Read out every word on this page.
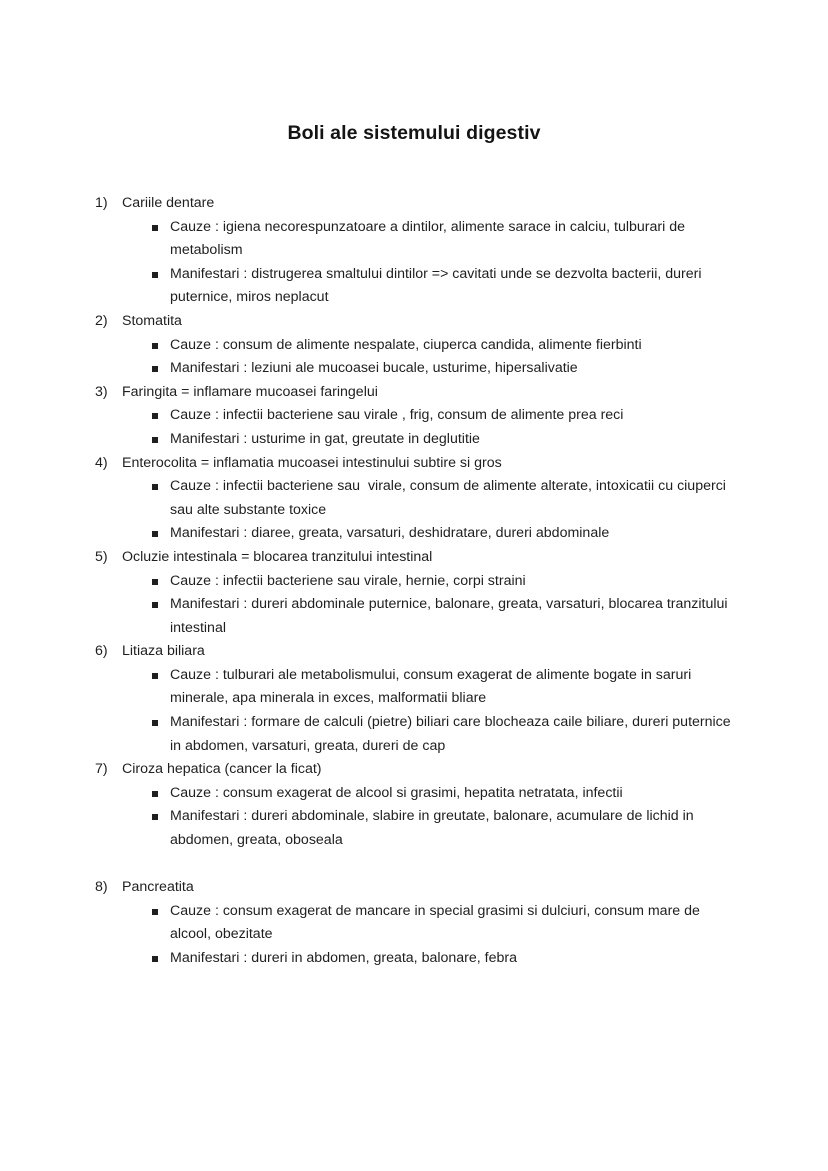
Boli ale sistemului digestiv
1)	Cariile dentare
Cauze : igiena necorespunzatoare a dintilor, alimente sarace in calciu, tulburari de metabolism
Manifestari : distrugerea smaltului dintilor => cavitati unde se dezvolta bacterii, dureri puternice, miros neplacut
2)	Stomatita
Cauze : consum de alimente nespalate, ciuperca candida, alimente fierbinti
Manifestari : leziuni ale mucoasei bucale, usturime, hipersalivatie
3)	Faringita = inflamare mucoasei faringelui
Cauze : infectii bacteriene sau virale , frig, consum de alimente prea reci
Manifestari : usturime in gat, greutate in deglutitie
4)	Enterocolita = inflamatia mucoasei intestinului subtire si gros
Cauze : infectii bacteriene sau  virale, consum de alimente alterate, intoxicatii cu ciuperci sau alte substante toxice
Manifestari : diaree, greata, varsaturi, deshidratare, dureri abdominale
5)	Ocluzie intestinala = blocarea tranzitului intestinal
Cauze : infectii bacteriene sau virale, hernie, corpi straini
Manifestari : dureri abdominale puternice, balonare, greata, varsaturi, blocarea tranzitului intestinal
6)	Litiaza biliara
Cauze : tulburari ale metabolismului, consum exagerat de alimente bogate in saruri minerale, apa minerala in exces, malformatii bliare
Manifestari : formare de calculi (pietre) biliari care blocheaza caile biliare, dureri puternice in abdomen, varsaturi, greata, dureri de cap
7)	Ciroza hepatica (cancer la ficat)
Cauze : consum exagerat de alcool si grasimi, hepatita netratata, infectii
Manifestari : dureri abdominale, slabire in greutate, balonare, acumulare de lichid in abdomen, greata, oboseala
8)	Pancreatita
Cauze : consum exagerat de mancare in special grasimi si dulciuri, consum mare de alcool, obezitate
Manifestari : dureri in abdomen, greata, balonare, febra
